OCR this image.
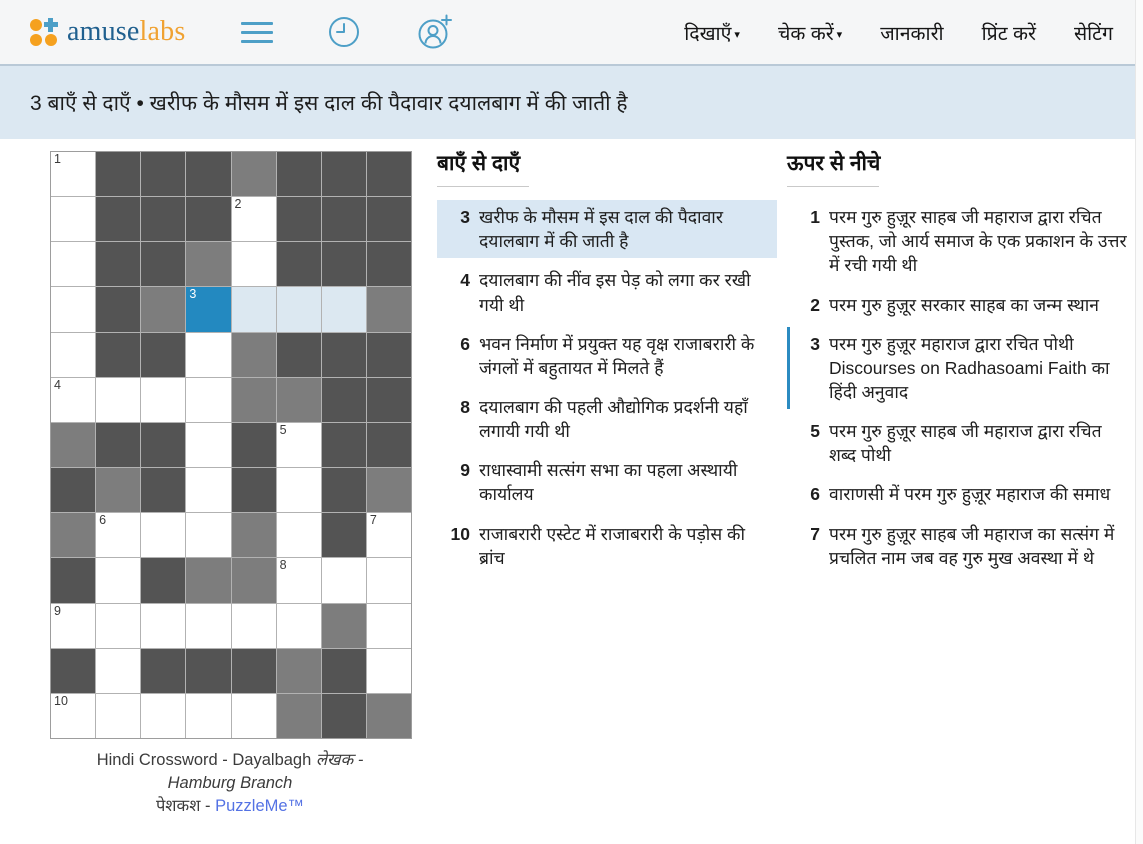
amuselabs	दिखाएँ ▾ चेक करें ▾ जानकारी प्रिंट करें सेटिंग
3 बाएँ से दाएँ • खरीफ के मौसम में इस दाल की पैदावार दयालबाग में की जाती है
1
2
3
4
5
6	7
8
9
10
Hindi Crossword - Dayalbagh लेखक -
Hamburg Branch
पेशकश - PuzzleMe™
बाएँ से दाएँ
3 खरीफ के मौसम में इस दाल की पैदावार दयालबाग में की जाती है
4 दयालबाग की नींव इस पेड़ को लगा कर रखी गयी थी
6 भवन निर्माण में प्रयुक्त यह वृक्ष राजाबरारी के जंगलों में बहुतायत में मिलते हैं
8 दयालबाग की पहली औद्योगिक प्रदर्शनी यहाँ लगायी गयी थी
9 राधास्वामी सत्संग सभा का पहला अस्थायी कार्यालय
10 राजाबरारी एस्टेट में राजाबरारी के पड़ोस की ब्रांच
ऊपर से नीचे
1 परम गुरु हुज़ूर साहब जी महाराज द्वारा रचित पुस्तक, जो आर्य समाज के एक प्रकाशन के उत्तर में रची गयी थी
2 परम गुरु हुज़ूर सरकार साहब का जन्म स्थान
3 परम गुरु हुज़ूर महाराज द्वारा रचित पोथी Discourses on Radhasoami Faith का हिंदी अनुवाद
5 परम गुरु हुज़ूर साहब जी महाराज द्वारा रचित शब्द पोथी
6 वाराणसी में परम गुरु हुज़ूर महाराज की समाध
7 परम गुरु हुज़ूर साहब जी महाराज का सत्संग में प्रचलित नाम जब वह गुरु मुख अवस्था में थे
